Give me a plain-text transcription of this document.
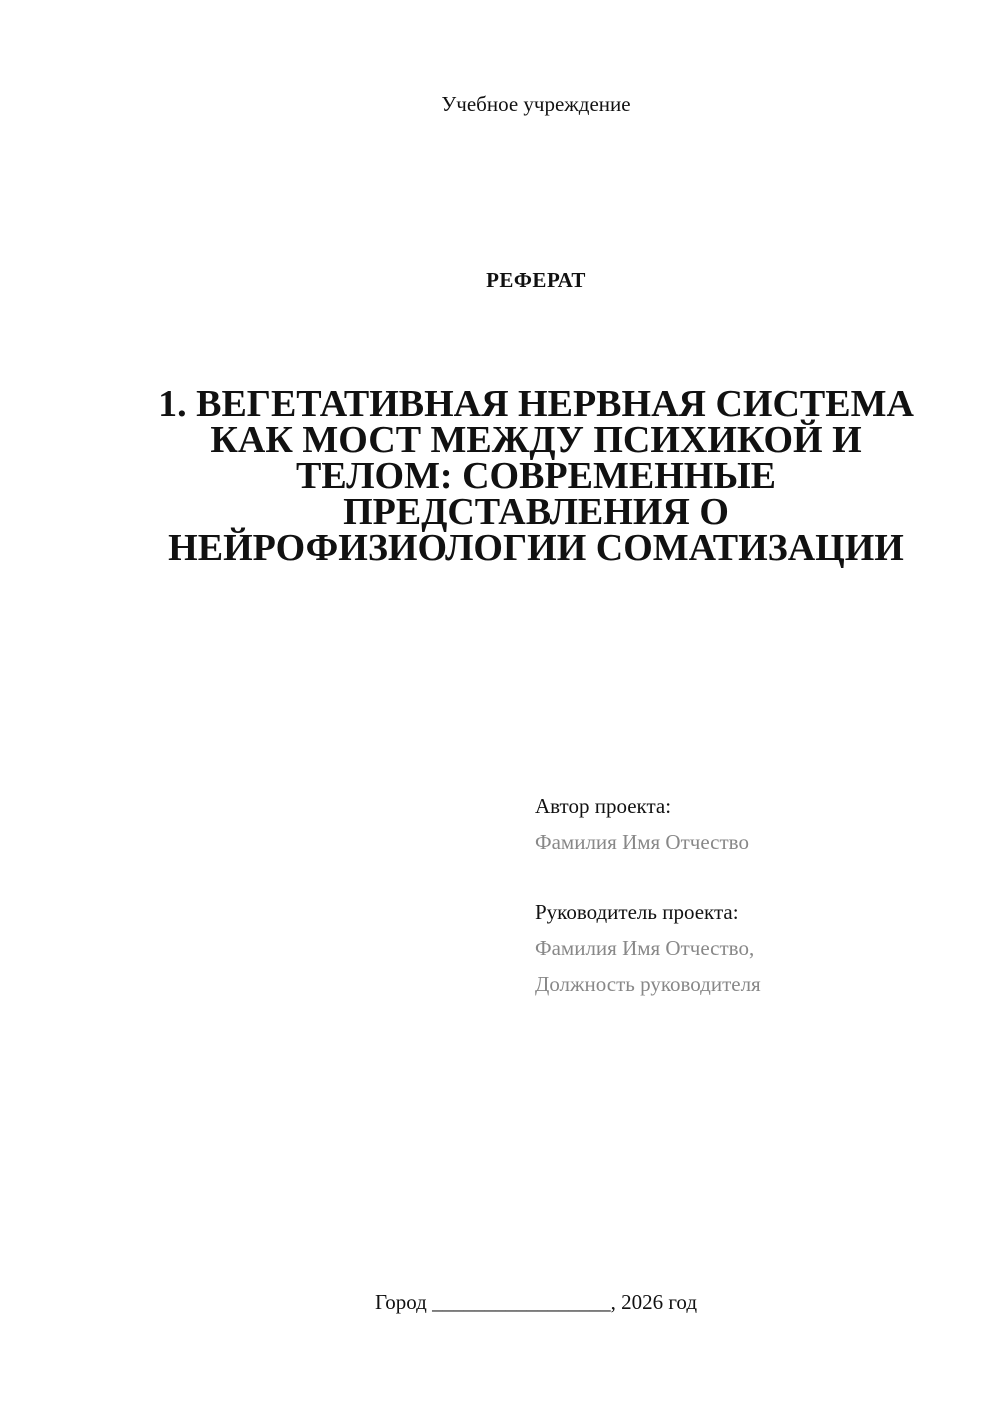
Учебное учреждение
РЕФЕРАТ
1. ВЕГЕТАТИВНАЯ НЕРВНАЯ СИСТЕМА КАК МОСТ МЕЖДУ ПСИХИКОЙ И ТЕЛОМ: СОВРЕМЕННЫЕ ПРЕДСТАВЛЕНИЯ О НЕЙРОФИЗИОЛОГИИ СОМАТИЗАЦИИ
Автор проекта:
Фамилия Имя Отчество
Руководитель проекта:
Фамилия Имя Отчество,
Должность руководителя
Город _________________, 2026 год
